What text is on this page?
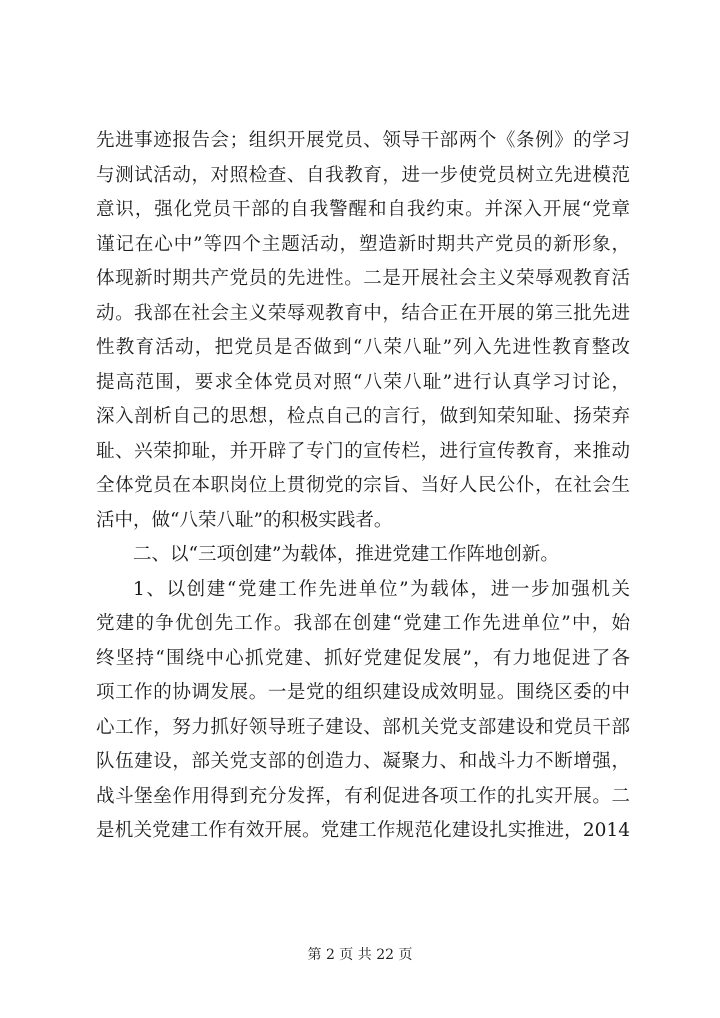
先进事迹报告会；组织开展党员、领导干部两个《条例》的学习
与测试活动，对照检查、自我教育，进一步使党员树立先进模范
意识，强化党员干部的自我警醒和自我约束。并深入开展“党章
谨记在心中”等四个主题活动，塑造新时期共产党员的新形象，
体现新时期共产党员的先进性。二是开展社会主义荣辱观教育活
动。我部在社会主义荣辱观教育中，结合正在开展的第三批先进
性教育活动，把党员是否做到“八荣八耻”列入先进性教育整改
提高范围，要求全体党员对照“八荣八耻”进行认真学习讨论，
深入剖析自己的思想，检点自己的言行，做到知荣知耻、扬荣弃
耻、兴荣抑耻，并开辟了专门的宣传栏，进行宣传教育，来推动
全体党员在本职岗位上贯彻党的宗旨、当好人民公仆，在社会生
活中，做“八荣八耻”的积极实践者。
二、以“三项创建”为载体，推进党建工作阵地创新。
1、以创建“党建工作先进单位”为载体，进一步加强机关
党建的争优创先工作。我部在创建“党建工作先进单位”中，始
终坚持“围绕中心抓党建、抓好党建促发展”，有力地促进了各
项工作的协调发展。一是党的组织建设成效明显。围绕区委的中
心工作，努力抓好领导班子建设、部机关党支部建设和党员干部
队伍建设，部关党支部的创造力、凝聚力、和战斗力不断增强，
战斗堡垒作用得到充分发挥，有利促进各项工作的扎实开展。二
是机关党建工作有效开展。党建工作规范化建设扎实推进，2014
第 2 页 共 22 页
